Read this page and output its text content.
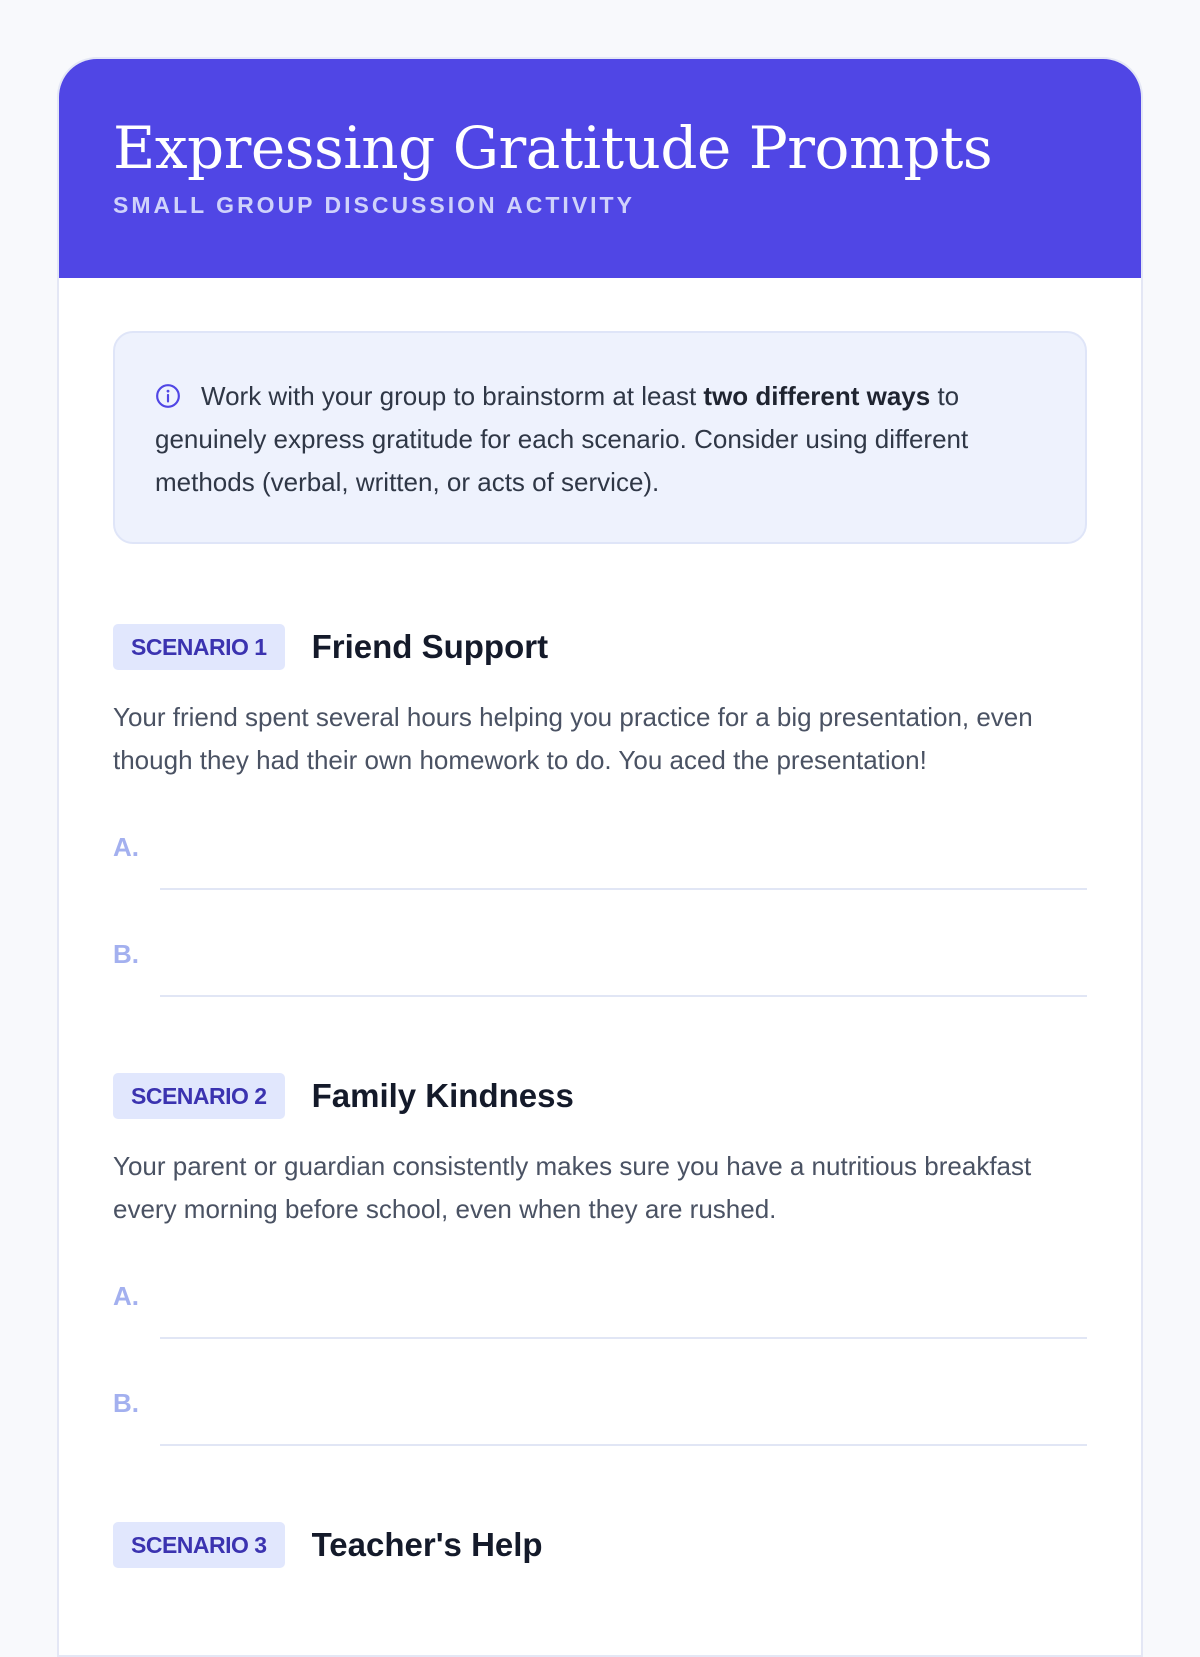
Expressing Gratitude Prompts
SMALL GROUP DISCUSSION ACTIVITY
Work with your group to brainstorm at least two different ways to genuinely express gratitude for each scenario. Consider using different methods (verbal, written, or acts of service).
SCENARIO 1	Friend Support

Your friend spent several hours helping you practice for a big presentation, even though they had their own homework to do. You aced the presentation!

A.
B.
SCENARIO 2	Family Kindness

Your parent or guardian consistently makes sure you have a nutritious breakfast every morning before school, even when they are rushed.

A.
B.
SCENARIO 3	Teacher's Help
